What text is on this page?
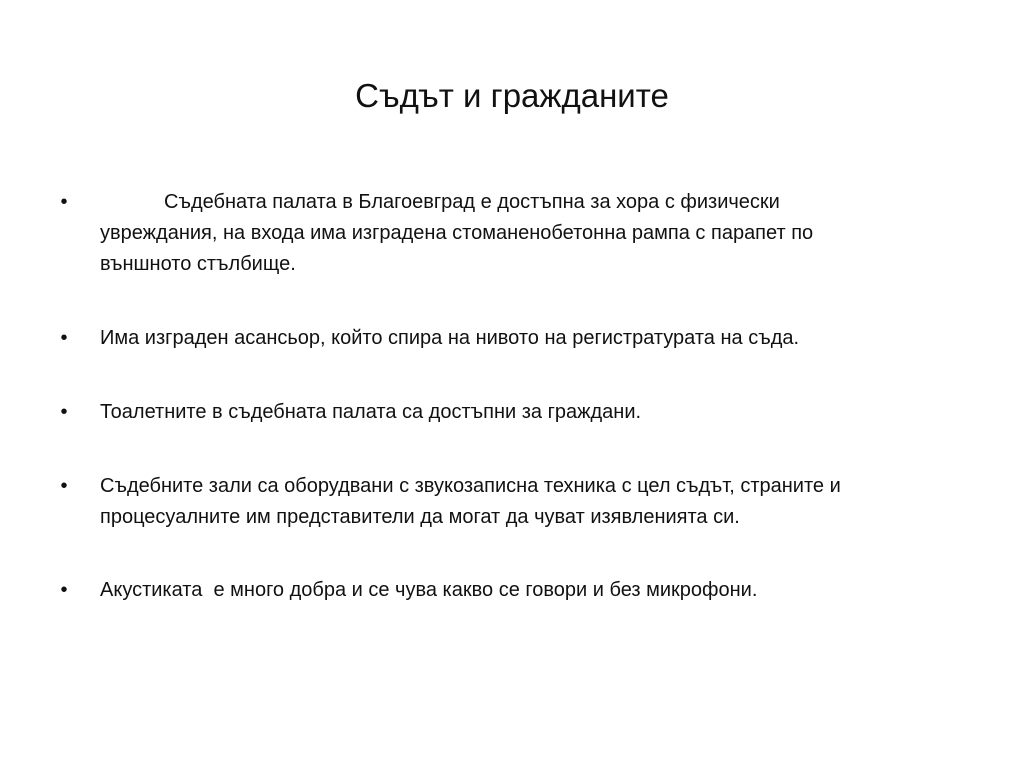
Съдът и гражданите
•	Съдебната палата в Благоевград е достъпна за хора с физически
увреждания, на входа има изградена стоманенобетонна рампа с парапет по
външното стълбище.
• Има изграден асансьор, който спира на нивото на регистратурата на съда.
• Тоалетните в съдебната палата са достъпни за граждани.
• Съдебните зали са оборудвани с звукозаписна техника с цел съдът, страните и
процесуалните им представители да могат да чуват изявленията си.
• Акустиката  е много добра и се чува какво се говори и без микрофони.
